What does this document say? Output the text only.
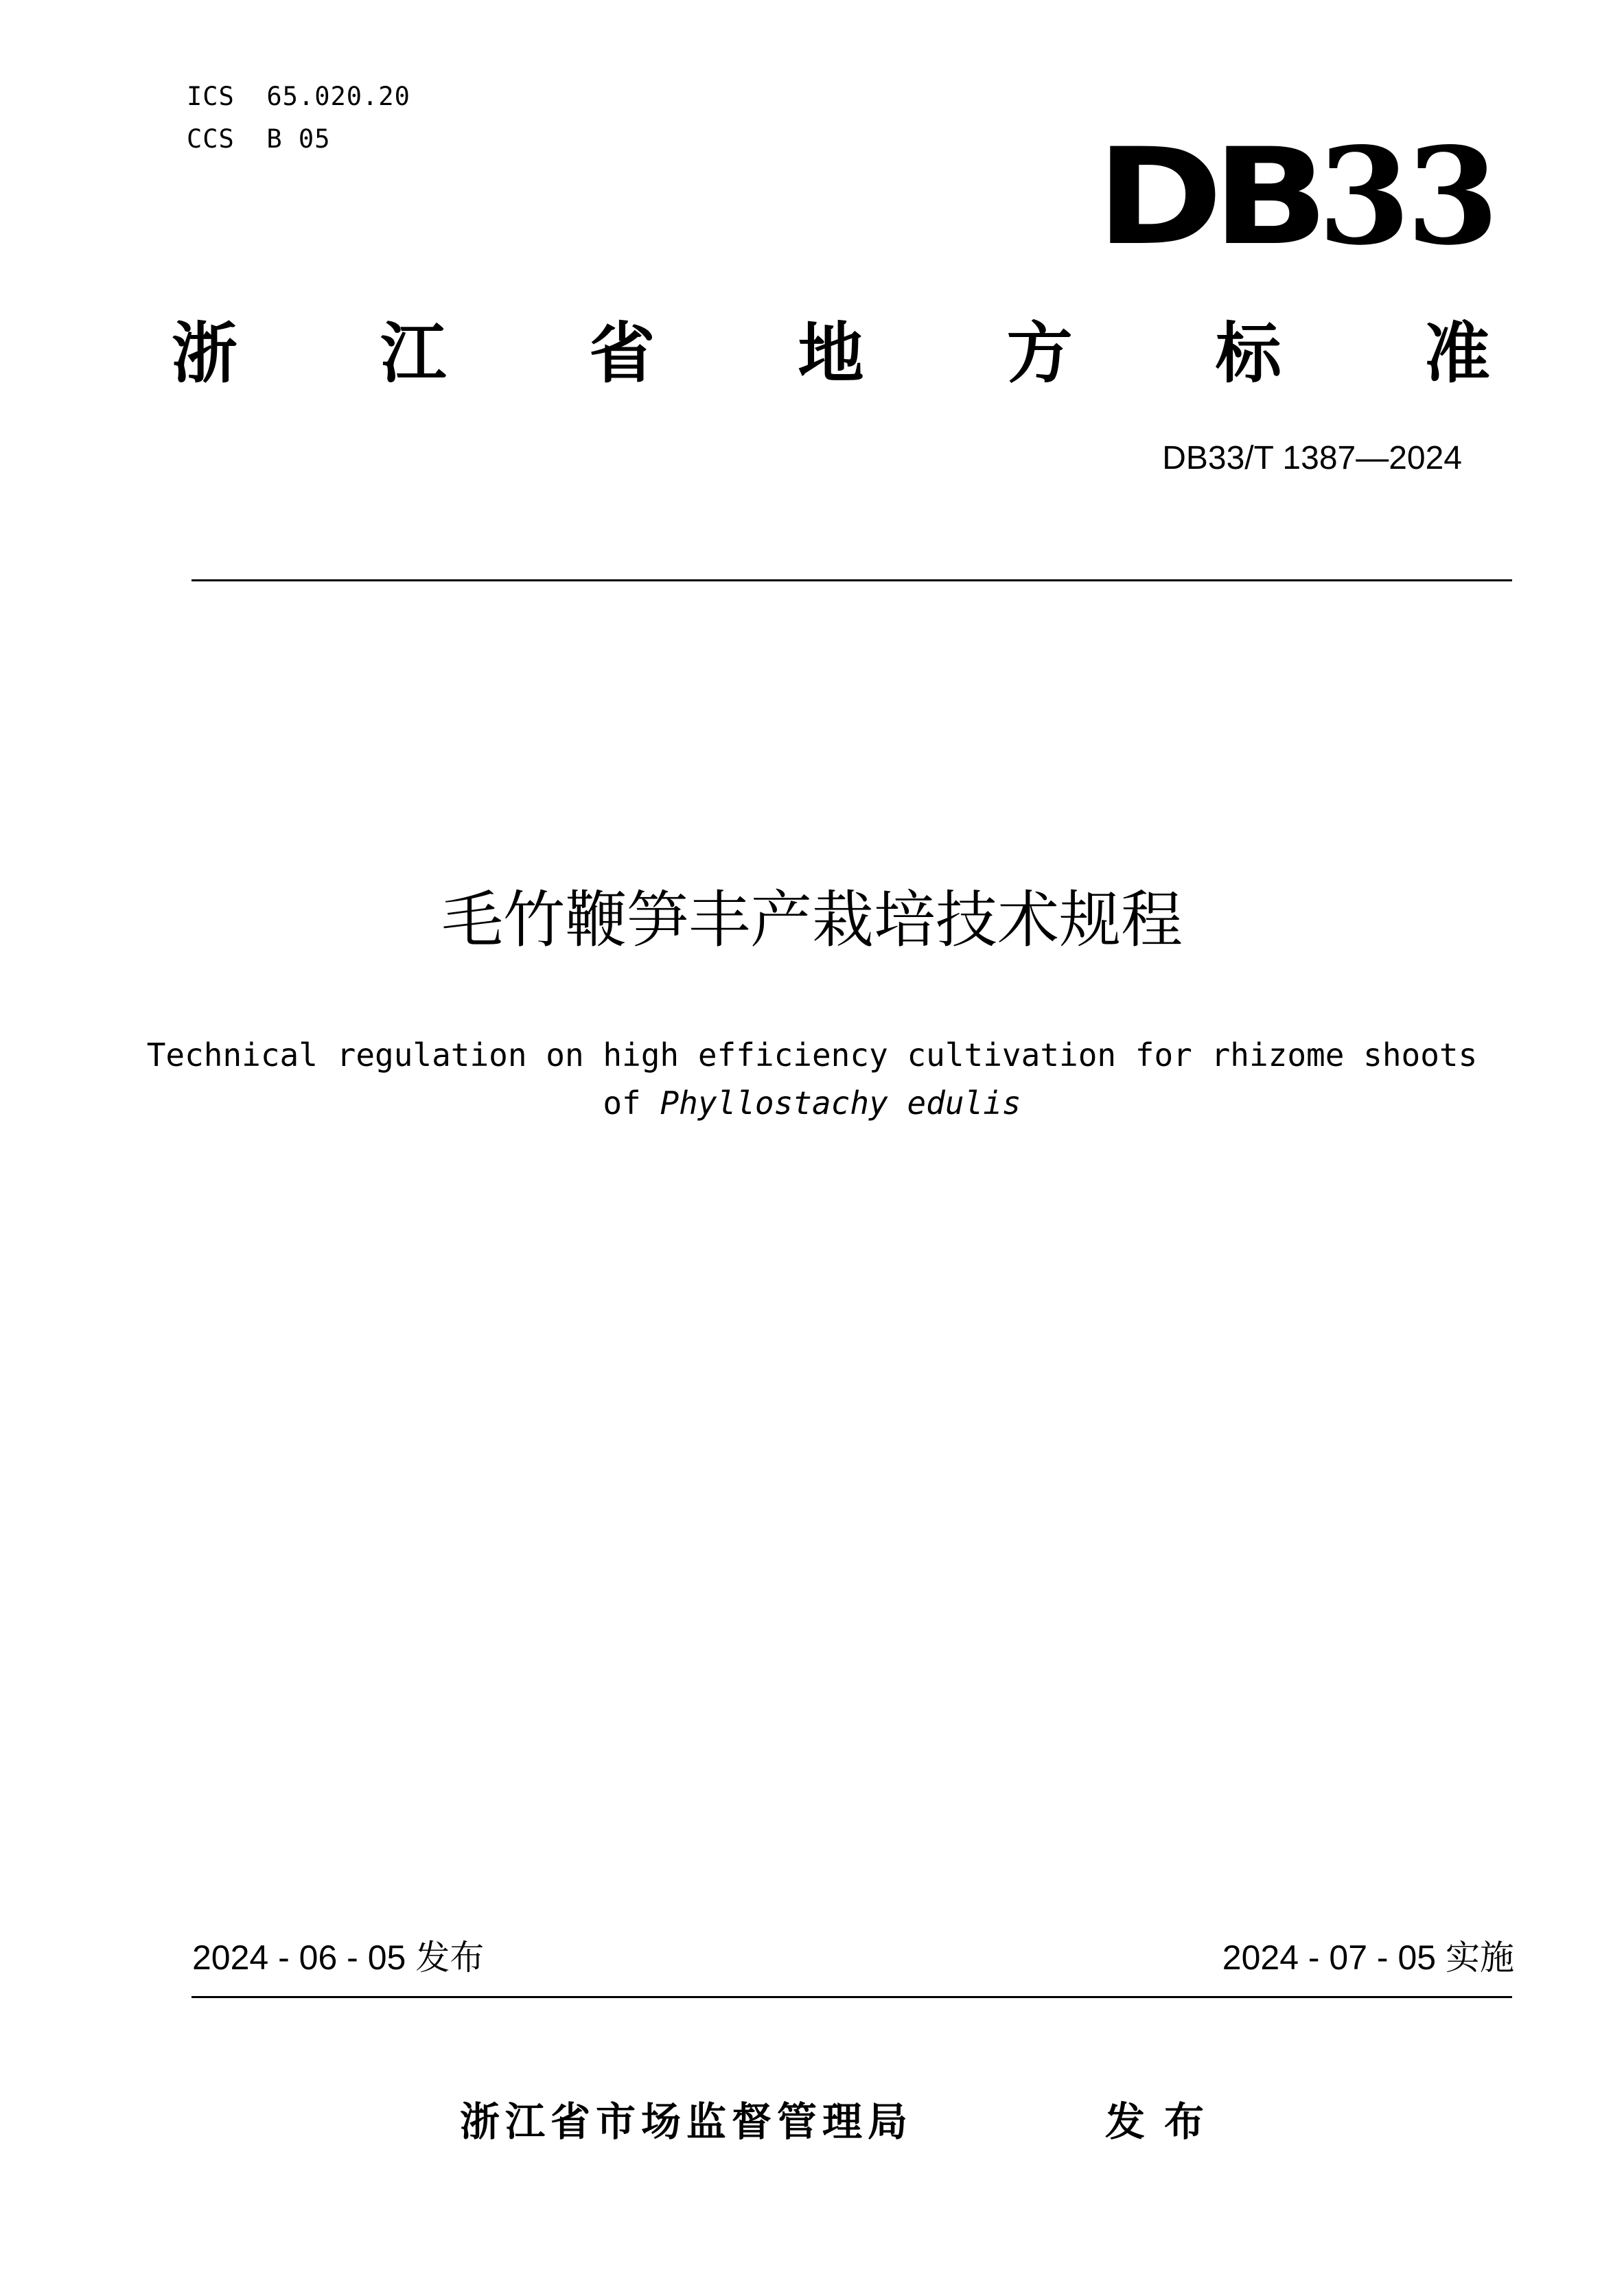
ICS  65.020.20
CCS  B 05	DB33
浙 江 省 地 方 标 准
DB33/T 1387—2024
毛竹鞭笋丰产栽培技术规程
Technical regulation on high efficiency cultivation for rhizome shoots
of Phyllostachy edulis
2024 - 06 - 05 发布	2024 - 07 - 05 实施
浙江省市场监督管理局	发布
